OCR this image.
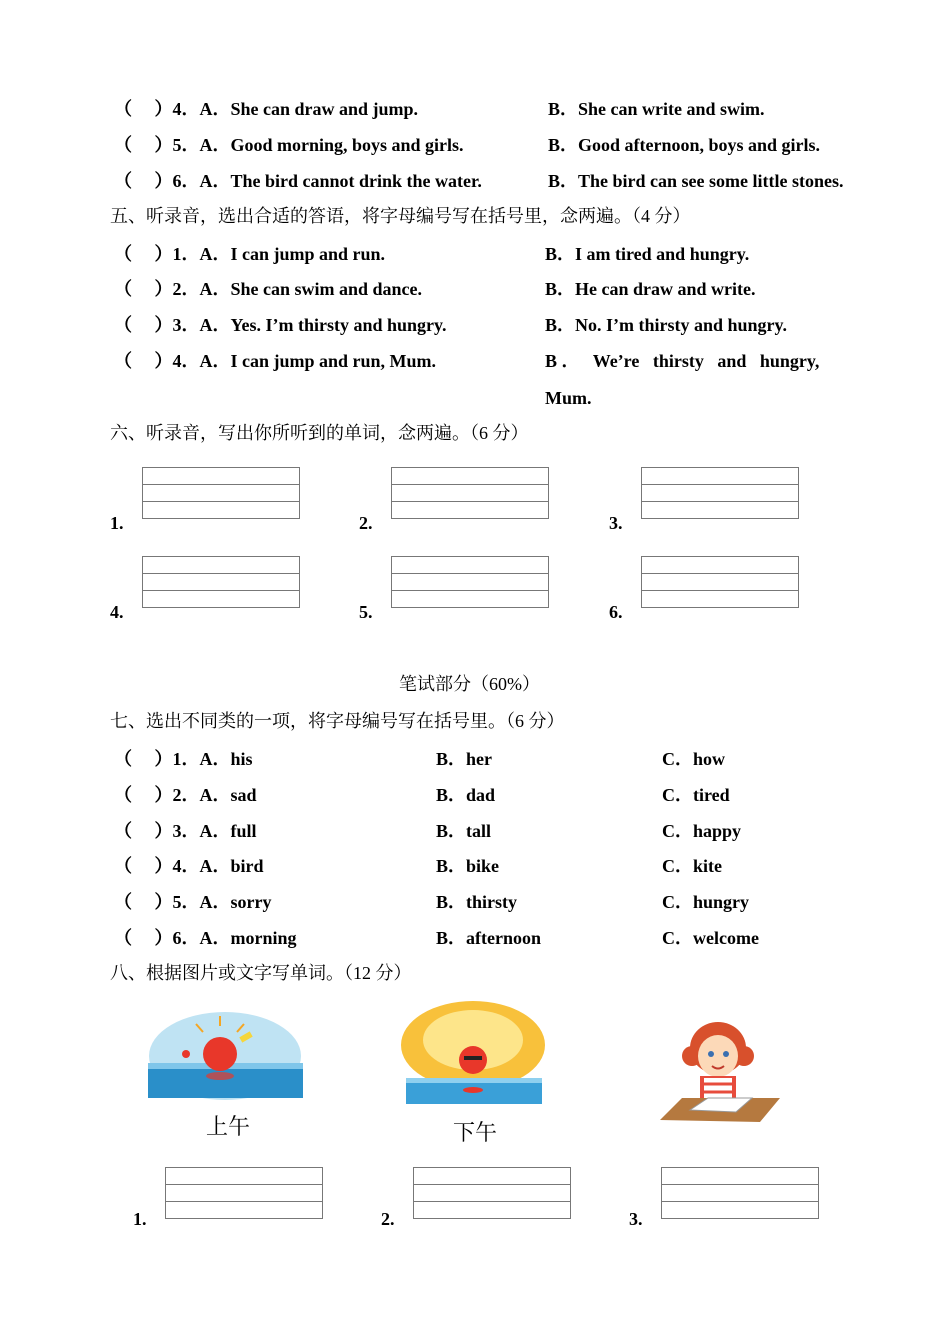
（　 ）4．A．She can draw and jump.	B．She can write and swim.
（　 ）5．A．Good morning, boys and girls.	B．Good afternoon, boys and girls.
（　 ）6．A．The bird cannot drink the water.	B．The bird can see some little stones.
五、听录音，选出合适的答语，将字母编号写在括号里，念两遍。（4 分）
（　 ）1．A．I can jump and run.	B．I am tired and hungry.
（　 ）2．A．She can swim and dance.	B．He can draw and write.
（　 ）3．A．Yes. I’m thirsty and hungry.	B．No. I’m thirsty and hungry.
（　 ）4．A．I can jump and run, Mum.	B ．   We’re   thirsty   and   hungry,
Mum.
六、听录音，写出你所听到的单词，念两遍。（6 分）
1.	2.	3.
4.	5.	6.
笔试部分（60%）
七、选出不同类的一项，将字母编号写在括号里。（6 分）
（　 ）1．A．his	B．her	C．how
（　 ）2．A．sad	B．dad	C．tired
（　 ）3．A．full	B．tall	C．happy
（　 ）4．A．bird	B．bike	C．kite
（　 ）5．A．sorry	B．thirsty	C．hungry
（　 ）6．A．morning	B．afternoon	C．welcome
八、根据图片或文字写单词。（12 分）
上午	下午
1.	2.	3.
